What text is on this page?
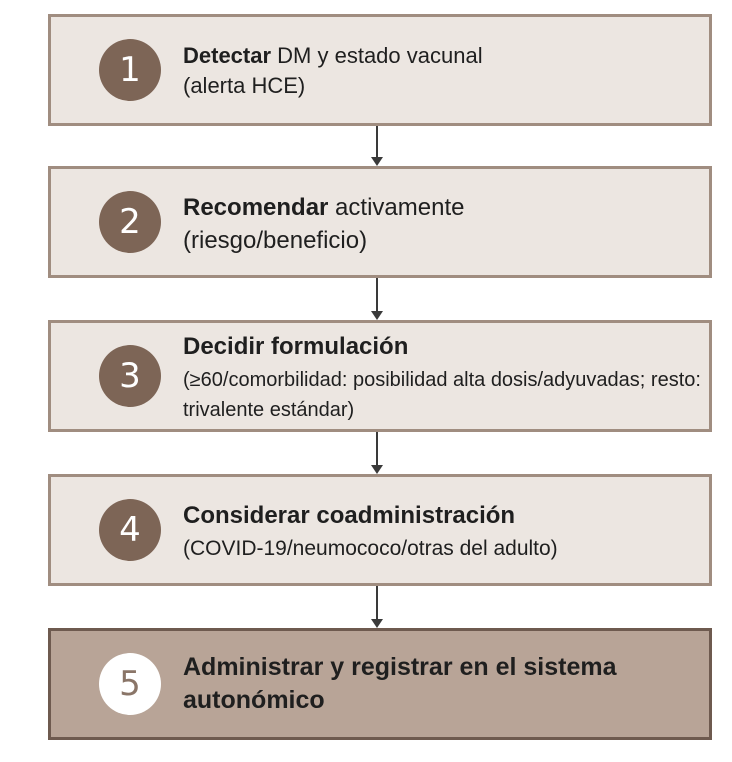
1	Detectar DM y estado vacunal
(alerta HCE)
2	Recomendar activamente
(riesgo/beneficio)
3
Decidir formulación
(≥60/comorbilidad: posibilidad alta dosis/adyuvadas; resto: trivalente estándar)
4	Considerar coadministración
(COVID-19/neumococo/otras del adulto)
5	Administrar y registrar en el sistema autonómico
